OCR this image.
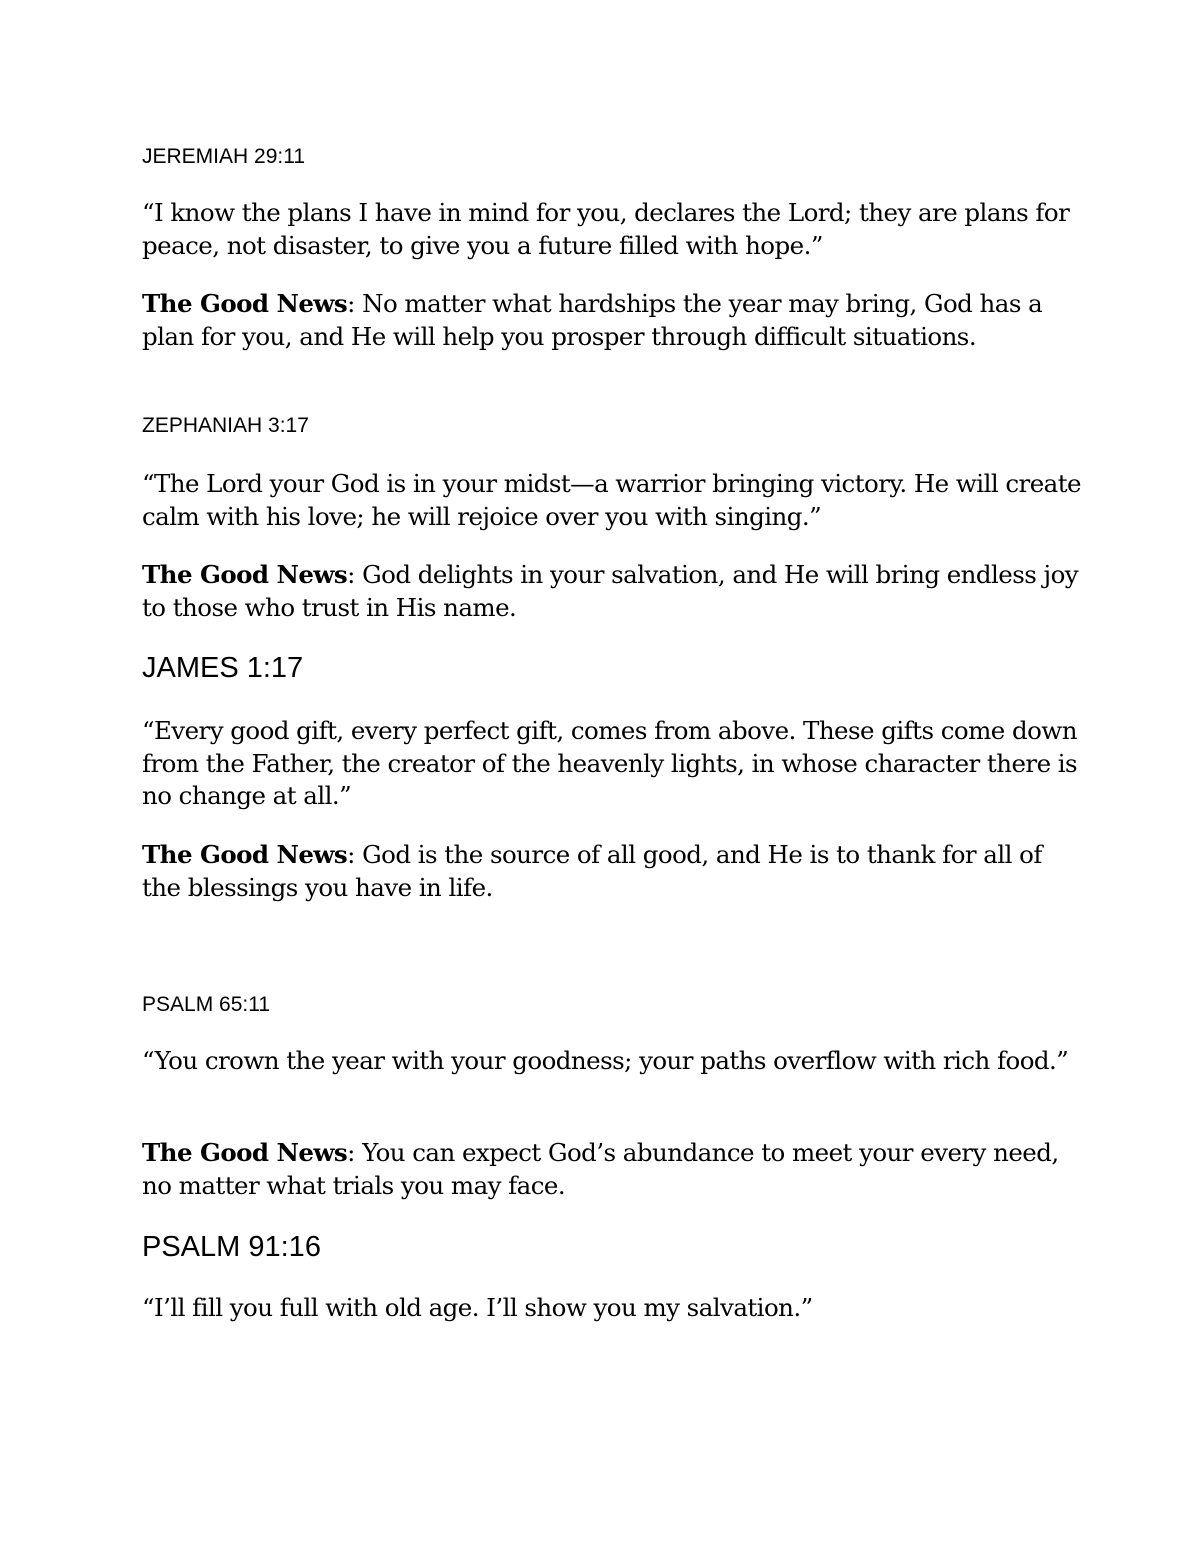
JEREMIAH 29:11

“I know the plans I have in mind for you, declares the Lord; they are plans for peace, not disaster, to give you a future filled with hope.”

The Good News: No matter what hardships the year may bring, God has a plan for you, and He will help you prosper through difficult situations.

ZEPHANIAH 3:17

“The Lord your God is in your midst—a warrior bringing victory. He will create calm with his love; he will rejoice over you with singing.”

The Good News: God delights in your salvation, and He will bring endless joy to those who trust in His name.

JAMES 1:17

“Every good gift, every perfect gift, comes from above. These gifts come down from the Father, the creator of the heavenly lights, in whose character there is no change at all.”

The Good News: God is the source of all good, and He is to thank for all of the blessings you have in life.

PSALM 65:11

“You crown the year with your goodness; your paths overflow with rich food.”

The Good News: You can expect God’s abundance to meet your every need, no matter what trials you may face.

PSALM 91:16

“I’ll fill you full with old age. I’ll show you my salvation.”
